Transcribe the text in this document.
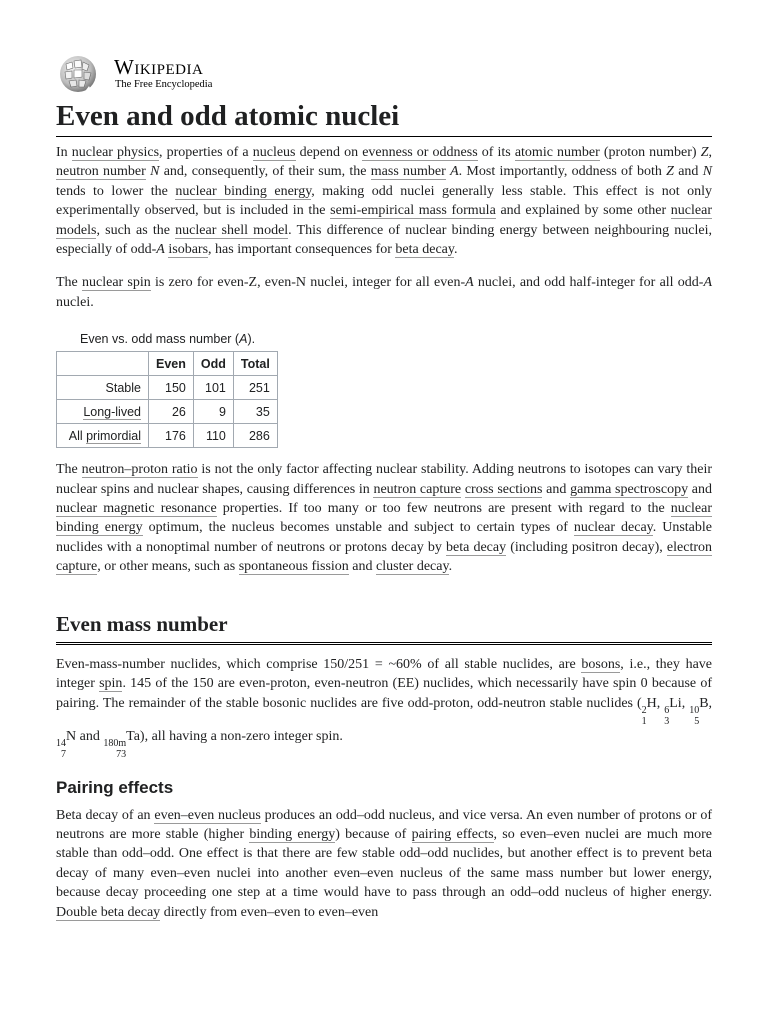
Wikipedia
The Free Encyclopedia
Even and odd atomic nuclei

In nuclear physics, properties of a nucleus depend on evenness or oddness of its atomic number (proton number) Z, neutron number N and, consequently, of their sum, the mass number A. Most importantly, oddness of both Z and N tends to lower the nuclear binding energy, making odd nuclei generally less stable. This effect is not only experimentally observed, but is included in the semi-empirical mass formula and explained by some other nuclear models, such as the nuclear shell model. This difference of nuclear binding energy between neighbouring nuclei, especially of odd-A isobars, has important consequences for beta decay.

The nuclear spin is zero for even-Z, even-N nuclei, integer for all even-A nuclei, and odd half-integer for all odd-A nuclei.

Even vs. odd mass number (A).
	Even	Odd	Total
Stable	150	101	251
Long-lived	26	9	35
All primordial	176	110	286

The neutron–proton ratio is not the only factor affecting nuclear stability. Adding neutrons to isotopes can vary their nuclear spins and nuclear shapes, causing differences in neutron capture cross sections and gamma spectroscopy and nuclear magnetic resonance properties. If too many or too few neutrons are present with regard to the nuclear binding energy optimum, the nucleus becomes unstable and subject to certain types of nuclear decay. Unstable nuclides with a nonoptimal number of neutrons or protons decay by beta decay (including positron decay), electron capture, or other means, such as spontaneous fission and cluster decay.

Even mass number

Even-mass-number nuclides, which comprise 150/251 = ~60% of all stable nuclides, are bosons, i.e., they have integer spin. 145 of the 150 are even-proton, even-neutron (EE) nuclides, which necessarily have spin 0 because of pairing. The remainder of the stable bosonic nuclides are five odd-proton, odd-neutron stable nuclides ( 2
1
H, 6
3
Li, 10
5
B,
14
7
N and 180m
73
Ta), all having a non-zero integer spin.

Pairing effects

Beta decay of an even–even nucleus produces an odd–odd nucleus, and vice versa. An even number of protons or of neutrons are more stable (higher binding energy) because of pairing effects, so even–even nuclei are much more stable than odd–odd. One effect is that there are few stable odd–odd nuclides, but another effect is to prevent beta decay of many even–even nuclei into another even–even nucleus of the same mass number but lower energy, because decay proceeding one step at a time would have to pass through an odd–odd nucleus of higher energy. Double beta decay directly from even–even to even–even
